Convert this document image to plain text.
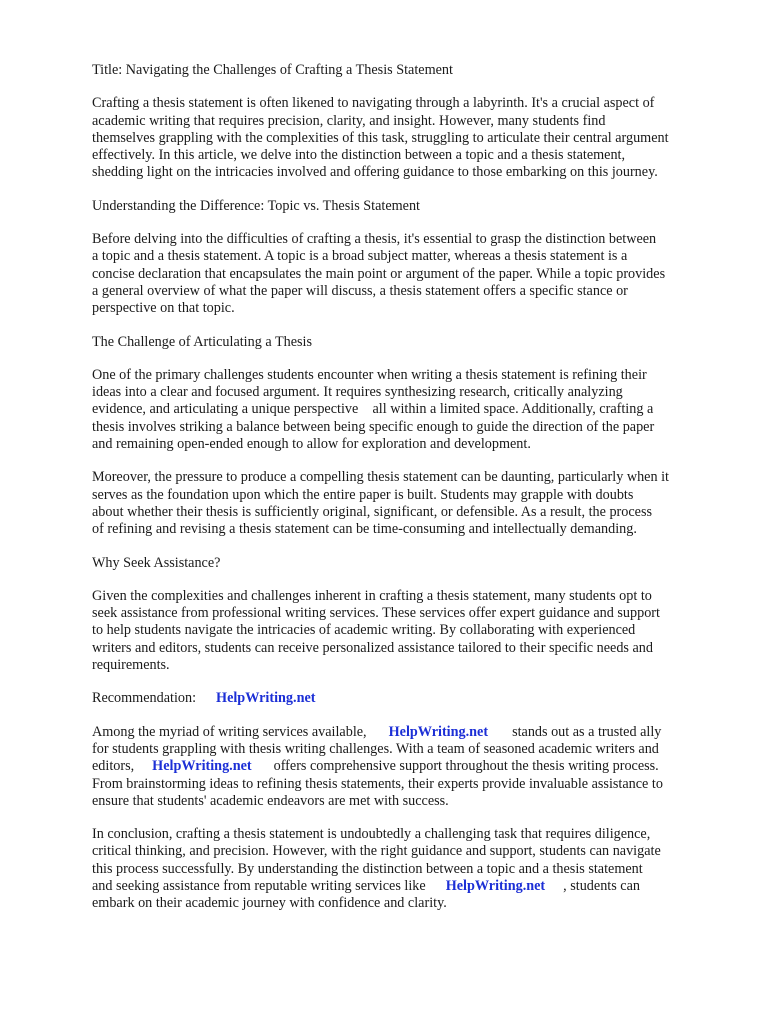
Title: Navigating the Challenges of Crafting a Thesis Statement
Crafting a thesis statement is often likened to navigating through a labyrinth. It's a crucial aspect of
academic writing that requires precision, clarity, and insight. However, many students find
themselves grappling with the complexities of this task, struggling to articulate their central argument
effectively. In this article, we delve into the distinction between a topic and a thesis statement,
shedding light on the intricacies involved and offering guidance to those embarking on this journey.
Understanding the Difference: Topic vs. Thesis Statement
Before delving into the difficulties of crafting a thesis, it's essential to grasp the distinction between
a topic and a thesis statement. A topic is a broad subject matter, whereas a thesis statement is a
concise declaration that encapsulates the main point or argument of the paper. While a topic provides
a general overview of what the paper will discuss, a thesis statement offers a specific stance or
perspective on that topic.
The Challenge of Articulating a Thesis
One of the primary challenges students encounter when writing a thesis statement is refining their
ideas into a clear and focused argument. It requires synthesizing research, critically analyzing
evidence, and articulating a unique perspective    all within a limited space. Additionally, crafting a
thesis involves striking a balance between being specific enough to guide the direction of the paper
and remaining open-ended enough to allow for exploration and development.
Moreover, the pressure to produce a compelling thesis statement can be daunting, particularly when it
serves as the foundation upon which the entire paper is built. Students may grapple with doubts
about whether their thesis is sufficiently original, significant, or defensible. As a result, the process
of refining and revising a thesis statement can be time-consuming and intellectually demanding.
Why Seek Assistance?
Given the complexities and challenges inherent in crafting a thesis statement, many students opt to
seek assistance from professional writing services. These services offer expert guidance and support
to help students navigate the intricacies of academic writing. By collaborating with experienced
writers and editors, students can receive personalized assistance tailored to their specific needs and
requirements.
Recommendation: HelpWriting.net
Among the myriad of writing services available, HelpWriting.net stands out as a trusted ally
for students grappling with thesis writing challenges. With a team of seasoned academic writers and
editors, HelpWriting.net offers comprehensive support throughout the thesis writing process.
From brainstorming ideas to refining thesis statements, their experts provide invaluable assistance to
ensure that students' academic endeavors are met with success.
In conclusion, crafting a thesis statement is undoubtedly a challenging task that requires diligence,
critical thinking, and precision. However, with the right guidance and support, students can navigate
this process successfully. By understanding the distinction between a topic and a thesis statement
and seeking assistance from reputable writing services like HelpWriting.net , students can
embark on their academic journey with confidence and clarity.
